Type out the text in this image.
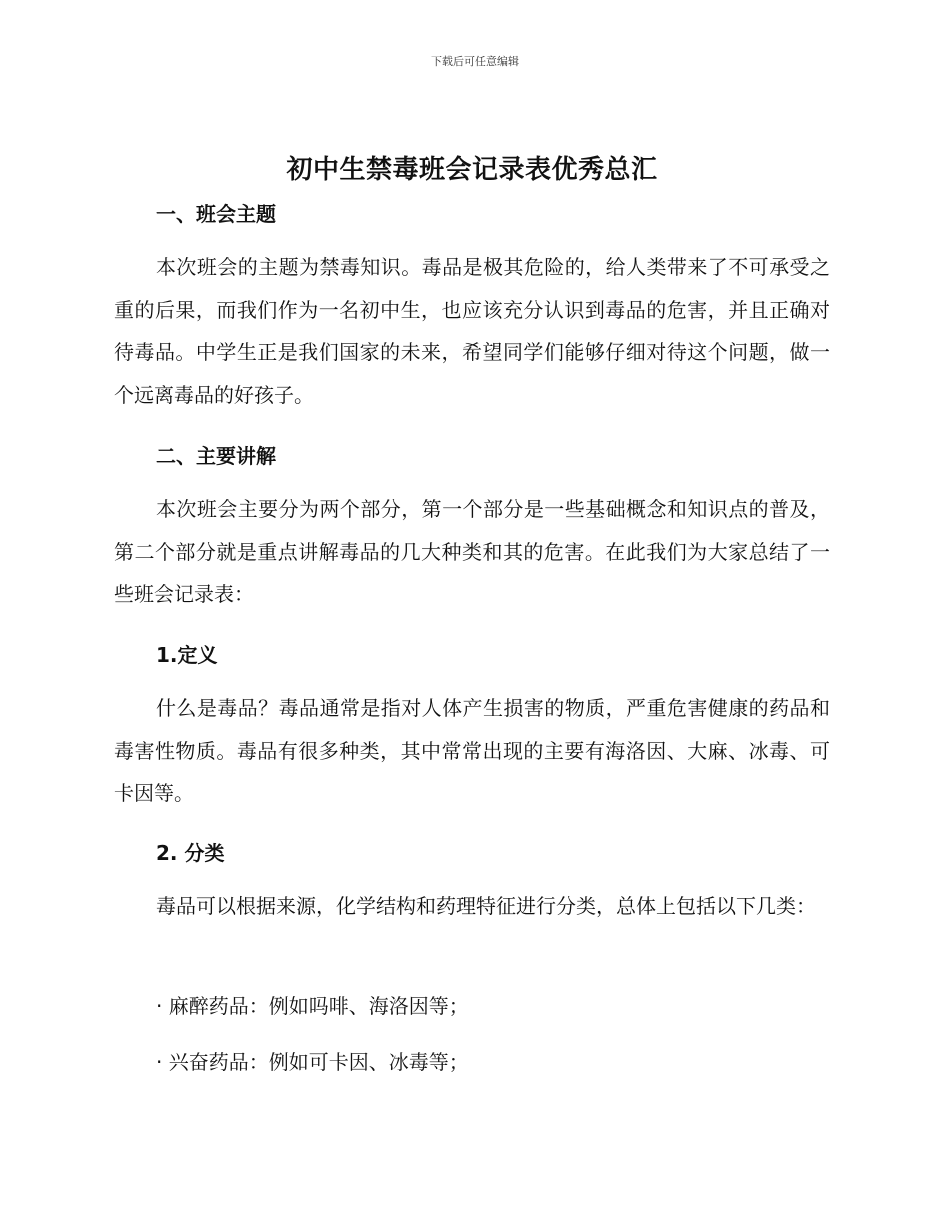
下载后可任意编辑
初中生禁毒班会记录表优秀总汇
一、班会主题

本次班会的主题为禁毒知识。毒品是极其危险的，给人类带来了不可承受之重的后果，而我们作为一名初中生，也应该充分认识到毒品的危害，并且正确对待毒品。中学生正是我们国家的未来，希望同学们能够仔细对待这个问题，做一个远离毒品的好孩子。

二、主要讲解

本次班会主要分为两个部分，第一个部分是一些基础概念和知识点的普及，第二个部分就是重点讲解毒品的几大种类和其的危害。在此我们为大家总结了一些班会记录表：

1.定义

什么是毒品？毒品通常是指对人体产生损害的物质，严重危害健康的药品和毒害性物质。毒品有很多种类，其中常常出现的主要有海洛因、大麻、冰毒、可卡因等。

2. 分类

毒品可以根据来源，化学结构和药理特征进行分类，总体上包括以下几类：

· 麻醉药品：例如吗啡、海洛因等；
· 兴奋药品：例如可卡因、冰毒等；
